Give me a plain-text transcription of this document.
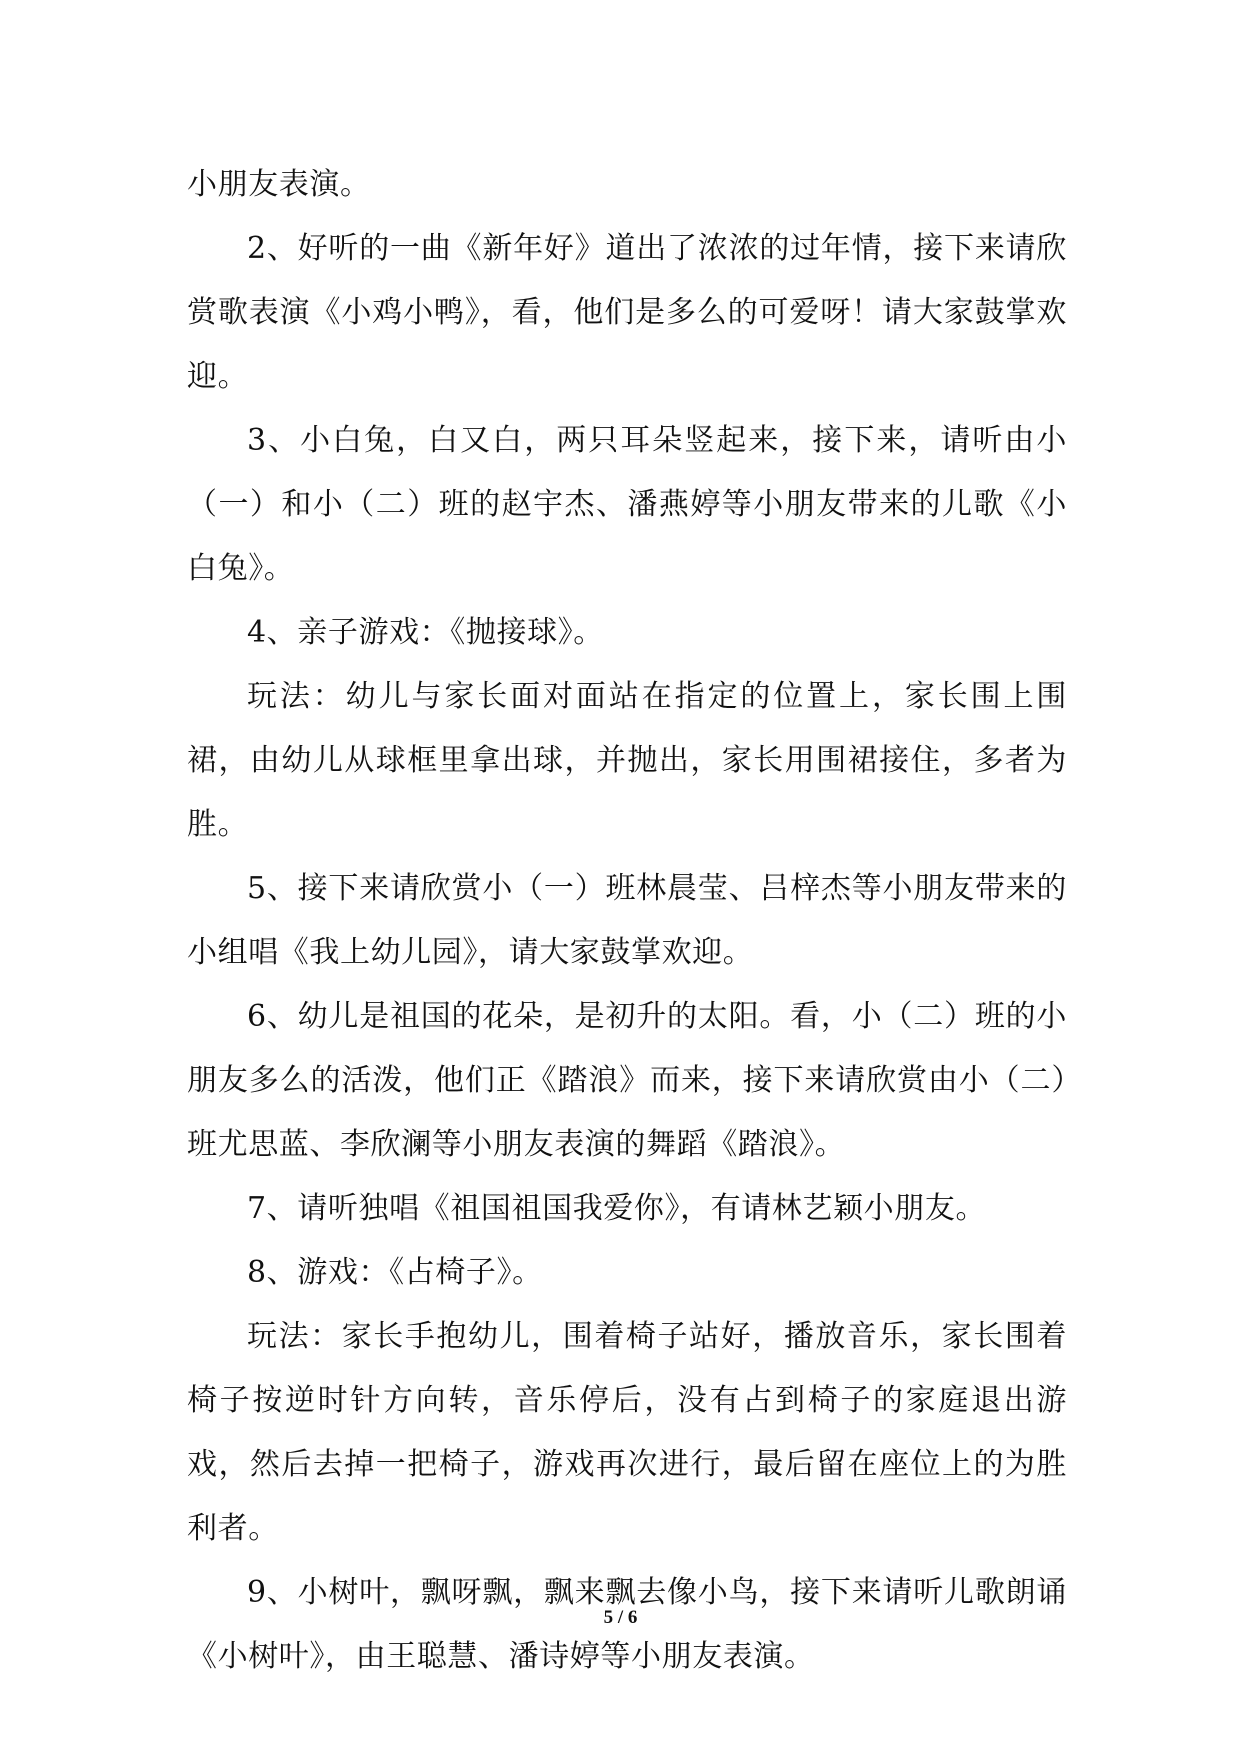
小朋友表演。

2、好听的一曲《新年好》道出了浓浓的过年情，接下来请欣赏歌表演《小鸡小鸭》，看，他们是多么的可爱呀！请大家鼓掌欢迎。

3、小白兔，白又白，两只耳朵竖起来，接下来，请听由小（一）和小（二）班的赵宇杰、潘燕婷等小朋友带来的儿歌《小白兔》。

4、亲子游戏：《抛接球》。

玩法：幼儿与家长面对面站在指定的位置上，家长围上围裙，由幼儿从球框里拿出球，并抛出，家长用围裙接住，多者为胜。

5、接下来请欣赏小（一）班林晨莹、吕梓杰等小朋友带来的小组唱《我上幼儿园》，请大家鼓掌欢迎。

6、幼儿是祖国的花朵，是初升的太阳。看，小（二）班的小朋友多么的活泼，他们正《踏浪》而来，接下来请欣赏由小（二）班尤思蓝、李欣澜等小朋友表演的舞蹈《踏浪》。

7、请听独唱《祖国祖国我爱你》，有请林艺颖小朋友。

8、游戏：《占椅子》。

玩法：家长手抱幼儿，围着椅子站好，播放音乐，家长围着椅子按逆时针方向转，音乐停后，没有占到椅子的家庭退出游戏，然后去掉一把椅子，游戏再次进行，最后留在座位上的为胜利者。

9、小树叶，飘呀飘，飘来飘去像小鸟，接下来请听儿歌朗诵《小树叶》，由王聪慧、潘诗婷等小朋友表演。

5 / 6
